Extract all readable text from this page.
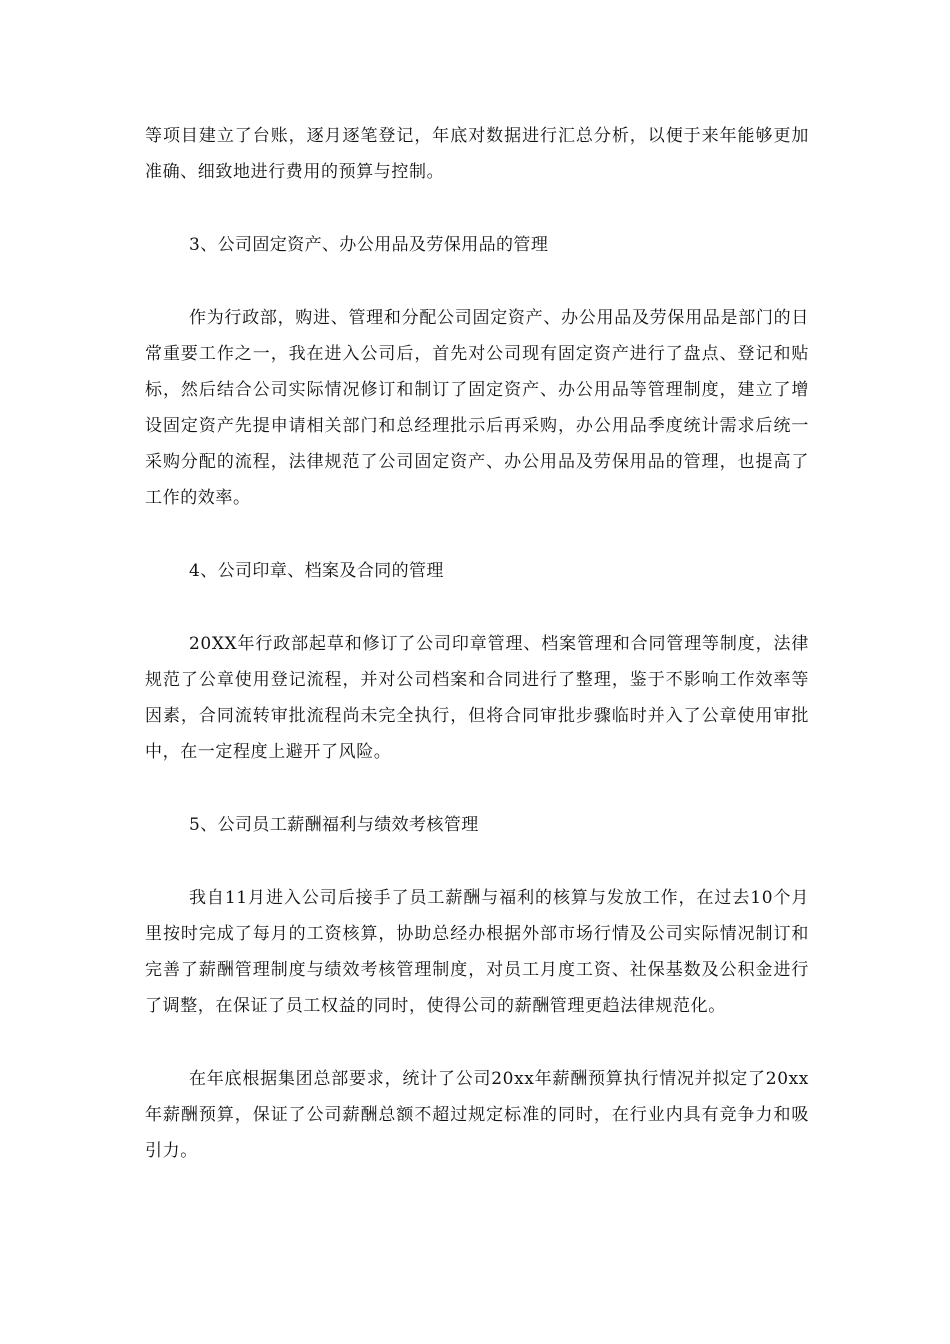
等项目建立了台账，逐月逐笔登记，年底对数据进行汇总分析，以便于来年能够更加准确、细致地进行费用的预算与控制。

3、公司固定资产、办公用品及劳保用品的管理

作为行政部，购进、管理和分配公司固定资产、办公用品及劳保用品是部门的日常重要工作之一，我在进入公司后，首先对公司现有固定资产进行了盘点、登记和贴标，然后结合公司实际情况修订和制订了固定资产、办公用品等管理制度，建立了增设固定资产先提申请相关部门和总经理批示后再采购，办公用品季度统计需求后统一采购分配的流程，法律规范了公司固定资产、办公用品及劳保用品的管理，也提高了工作的效率。

4、公司印章、档案及合同的管理

20XX年行政部起草和修订了公司印章管理、档案管理和合同管理等制度，法律规范了公章使用登记流程，并对公司档案和合同进行了整理，鉴于不影响工作效率等因素，合同流转审批流程尚未完全执行，但将合同审批步骤临时并入了公章使用审批中，在一定程度上避开了风险。

5、公司员工薪酬福利与绩效考核管理

我自11月进入公司后接手了员工薪酬与福利的核算与发放工作，在过去10个月里按时完成了每月的工资核算，协助总经办根据外部市场行情及公司实际情况制订和完善了薪酬管理制度与绩效考核管理制度，对员工月度工资、社保基数及公积金进行了调整，在保证了员工权益的同时，使得公司的薪酬管理更趋法律规范化。

在年底根据集团总部要求，统计了公司20xx年薪酬预算执行情况并拟定了20xx年薪酬预算，保证了公司薪酬总额不超过规定标准的同时，在行业内具有竞争力和吸引力。
